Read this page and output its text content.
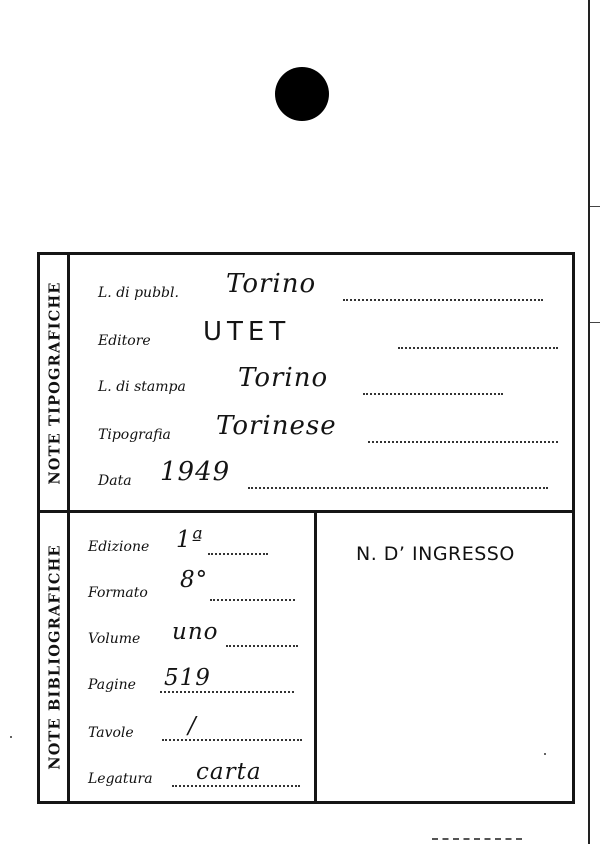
NOTE TIPOGRAFICHE L. di pubbl. Torino
Editore UTET
L. di stampa Torino
Tipografia Torinese
Data 1949
NOTE BIBLIOGRAFICHE Edizione 1ª
Formato 8°
Volume uno
Pagine 519
Tavole /
Legatura carta
N. D’ INGRESSO
